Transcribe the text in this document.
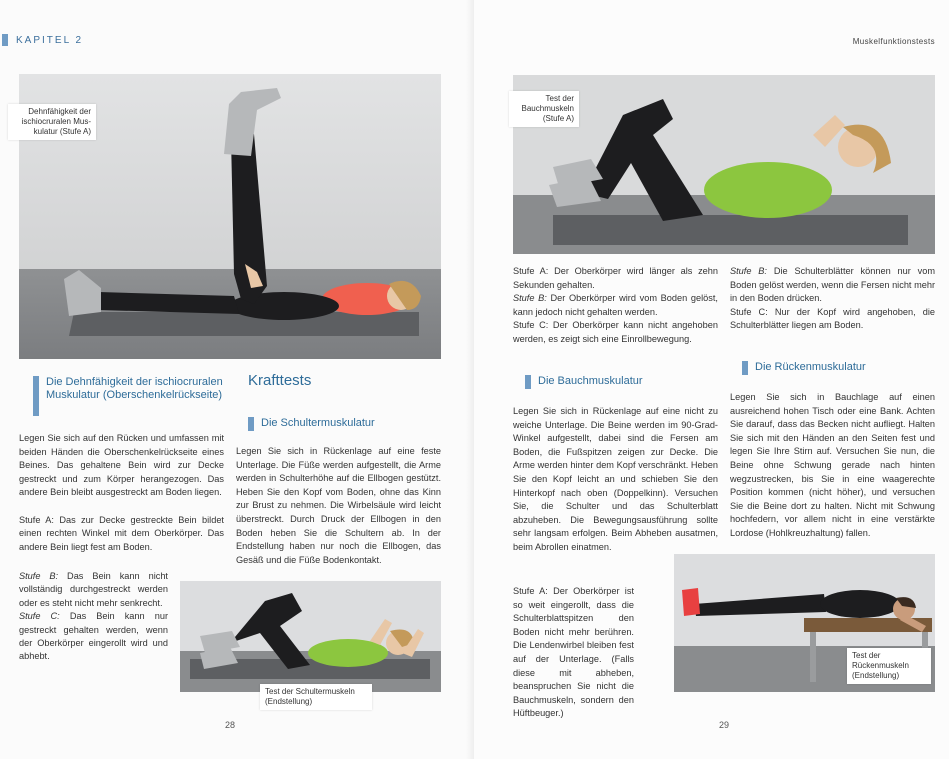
KAPITEL 2
Dehnfähigkeit der ischiocruralen Mus- kulatur (Stufe A)
Die Dehnfähigkeit der ischiocruralen Muskulatur (Oberschenkelrückseite)

Legen Sie sich auf den Rücken und umfassen mit beiden Händen die Oberschenkelrückseite eines Beines. Das gehaltene Bein wird zur Decke gestreckt und zum Körper herangezogen. Das andere Bein bleibt ausgestreckt am Boden liegen.

Stufe A: Das zur Decke gestreckte Bein bildet einen rechten Winkel mit dem Oberkörper. Das andere Bein liegt fest am Boden.

Stufe B: Das Bein kann nicht vollständig durchgestreckt werden oder es steht nicht mehr senkrecht.
Stufe C: Das Bein kann nur gestreckt gehalten werden, wenn der Oberkörper eingerollt wird und abhebt.
Krafttests
Die Schultermuskulatur
Legen Sie sich in Rückenlage auf eine feste Unterlage. Die Füße werden aufgestellt, die Arme werden in Schulterhöhe auf die Ellbogen gestützt. Heben Sie den Kopf vom Boden, ohne das Kinn zur Brust zu nehmen. Die Wirbelsäule wird leicht überstreckt. Durch Druck der Ellbogen in den Boden heben Sie die Schultern ab. In der Endstellung haben nur noch die Ellbogen, das Gesäß und die Füße Bodenkontakt.
Test der Schultermuskeln (Endstellung)
28
Muskelfunktionstests
Test der Bauchmuskeln (Stufe A)
Stufe A: Der Oberkörper wird länger als zehn Sekunden gehalten.
Stufe B: Der Oberkörper wird vom Boden gelöst, kann jedoch nicht gehalten werden.
Stufe C: Der Oberkörper kann nicht angehoben werden, es zeigt sich eine Einrollbewegung.
Stufe B: Die Schulterblätter können nur vom Boden gelöst werden, wenn die Fersen nicht mehr in den Boden drücken.
Stufe C: Nur der Kopf wird angehoben, die Schulterblätter liegen am Boden.
Die Bauchmuskulatur
Legen Sie sich in Rückenlage auf eine nicht zu weiche Unterlage. Die Beine werden im 90-Grad-Winkel aufgestellt, dabei sind die Fersen am Boden, die Fußspitzen zeigen zur Decke. Die Arme werden hinter dem Kopf verschränkt. Heben Sie den Kopf leicht an und schieben Sie den Hinterkopf nach oben (Doppelkinn). Versuchen Sie, die Schulter und das Schulterblatt abzuheben. Die Bewegungsausführung sollte sehr langsam erfolgen. Beim Abheben ausatmen, beim Abrollen einatmen.
Stufe A: Der Oberkörper ist so weit eingerollt, dass die Schulterblattspitzen den Boden nicht mehr berühren. Die Lendenwirbel bleiben fest auf der Unterlage. (Falls diese mit abheben, beanspruchen Sie nicht die Bauchmuskeln, sondern den Hüftbeuger.)
Die Rückenmuskulatur
Legen Sie sich in Bauchlage auf einen ausreichend hohen Tisch oder eine Bank. Achten Sie darauf, dass das Becken nicht aufliegt. Halten Sie sich mit den Händen an den Seiten fest und legen Sie Ihre Stirn auf. Versuchen Sie nun, die Beine ohne Schwung gerade nach hinten wegzustrecken, bis Sie in eine waagerechte Position kommen (nicht höher), und versuchen Sie die Beine dort zu halten. Nicht mit Schwung hochfedern, vor allem nicht in eine verstärkte Lordose (Hohlkreuzhaltung) fallen.
Test der Rückenmuskeln (Endstellung)
29
